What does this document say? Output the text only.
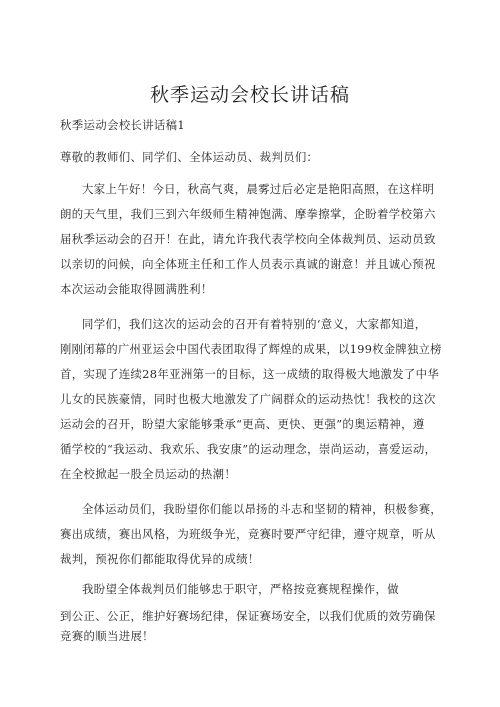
秋季运动会校长讲话稿
秋季运动会校长讲话稿1
尊敬的教师们、同学们、全体运动员、裁判员们：
大家上午好！今日，秋高气爽，晨雾过后必定是艳阳高照，在这样明
朗的天气里，我们三到六年级师生精神饱满、摩拳擦掌，企盼着学校第六
届秋季运动会的召开！在此，请允许我代表学校向全体裁判员、运动员致
以亲切的问候，向全体班主任和工作人员表示真诚的谢意！并且诚心预祝
本次运动会能取得圆满胜利！
同学们，我们这次的运动会的召开有着特别的‘意义，大家都知道，
刚刚闭幕的广州亚运会中国代表团取得了辉煌的成果，以199枚金牌独立榜
首，实现了连续28年亚洲第一的目标，这一成绩的取得极大地激发了中华
儿女的民族豪情，同时也极大地激发了广阔群众的运动热忱！我校的这次
运动会的召开，盼望大家能够秉承“更高、更快、更强”的奥运精神，遵
循学校的“我运动、我欢乐、我安康”的运动理念，崇尚运动，喜爱运动，
在全校掀起一股全员运动的热潮！
全体运动员们，我盼望你们能以昂扬的斗志和坚韧的精神，积极参赛，
赛出成绩，赛出风格，为班级争光，竞赛时要严守纪律，遵守规章，听从
裁判，预祝你们都能取得优异的成绩！
我盼望全体裁判员们能够忠于职守，严格按竞赛规程操作，做
到公正、公正，维护好赛场纪律，保证赛场安全，以我们优质的效劳确保
竞赛的顺当进展！
